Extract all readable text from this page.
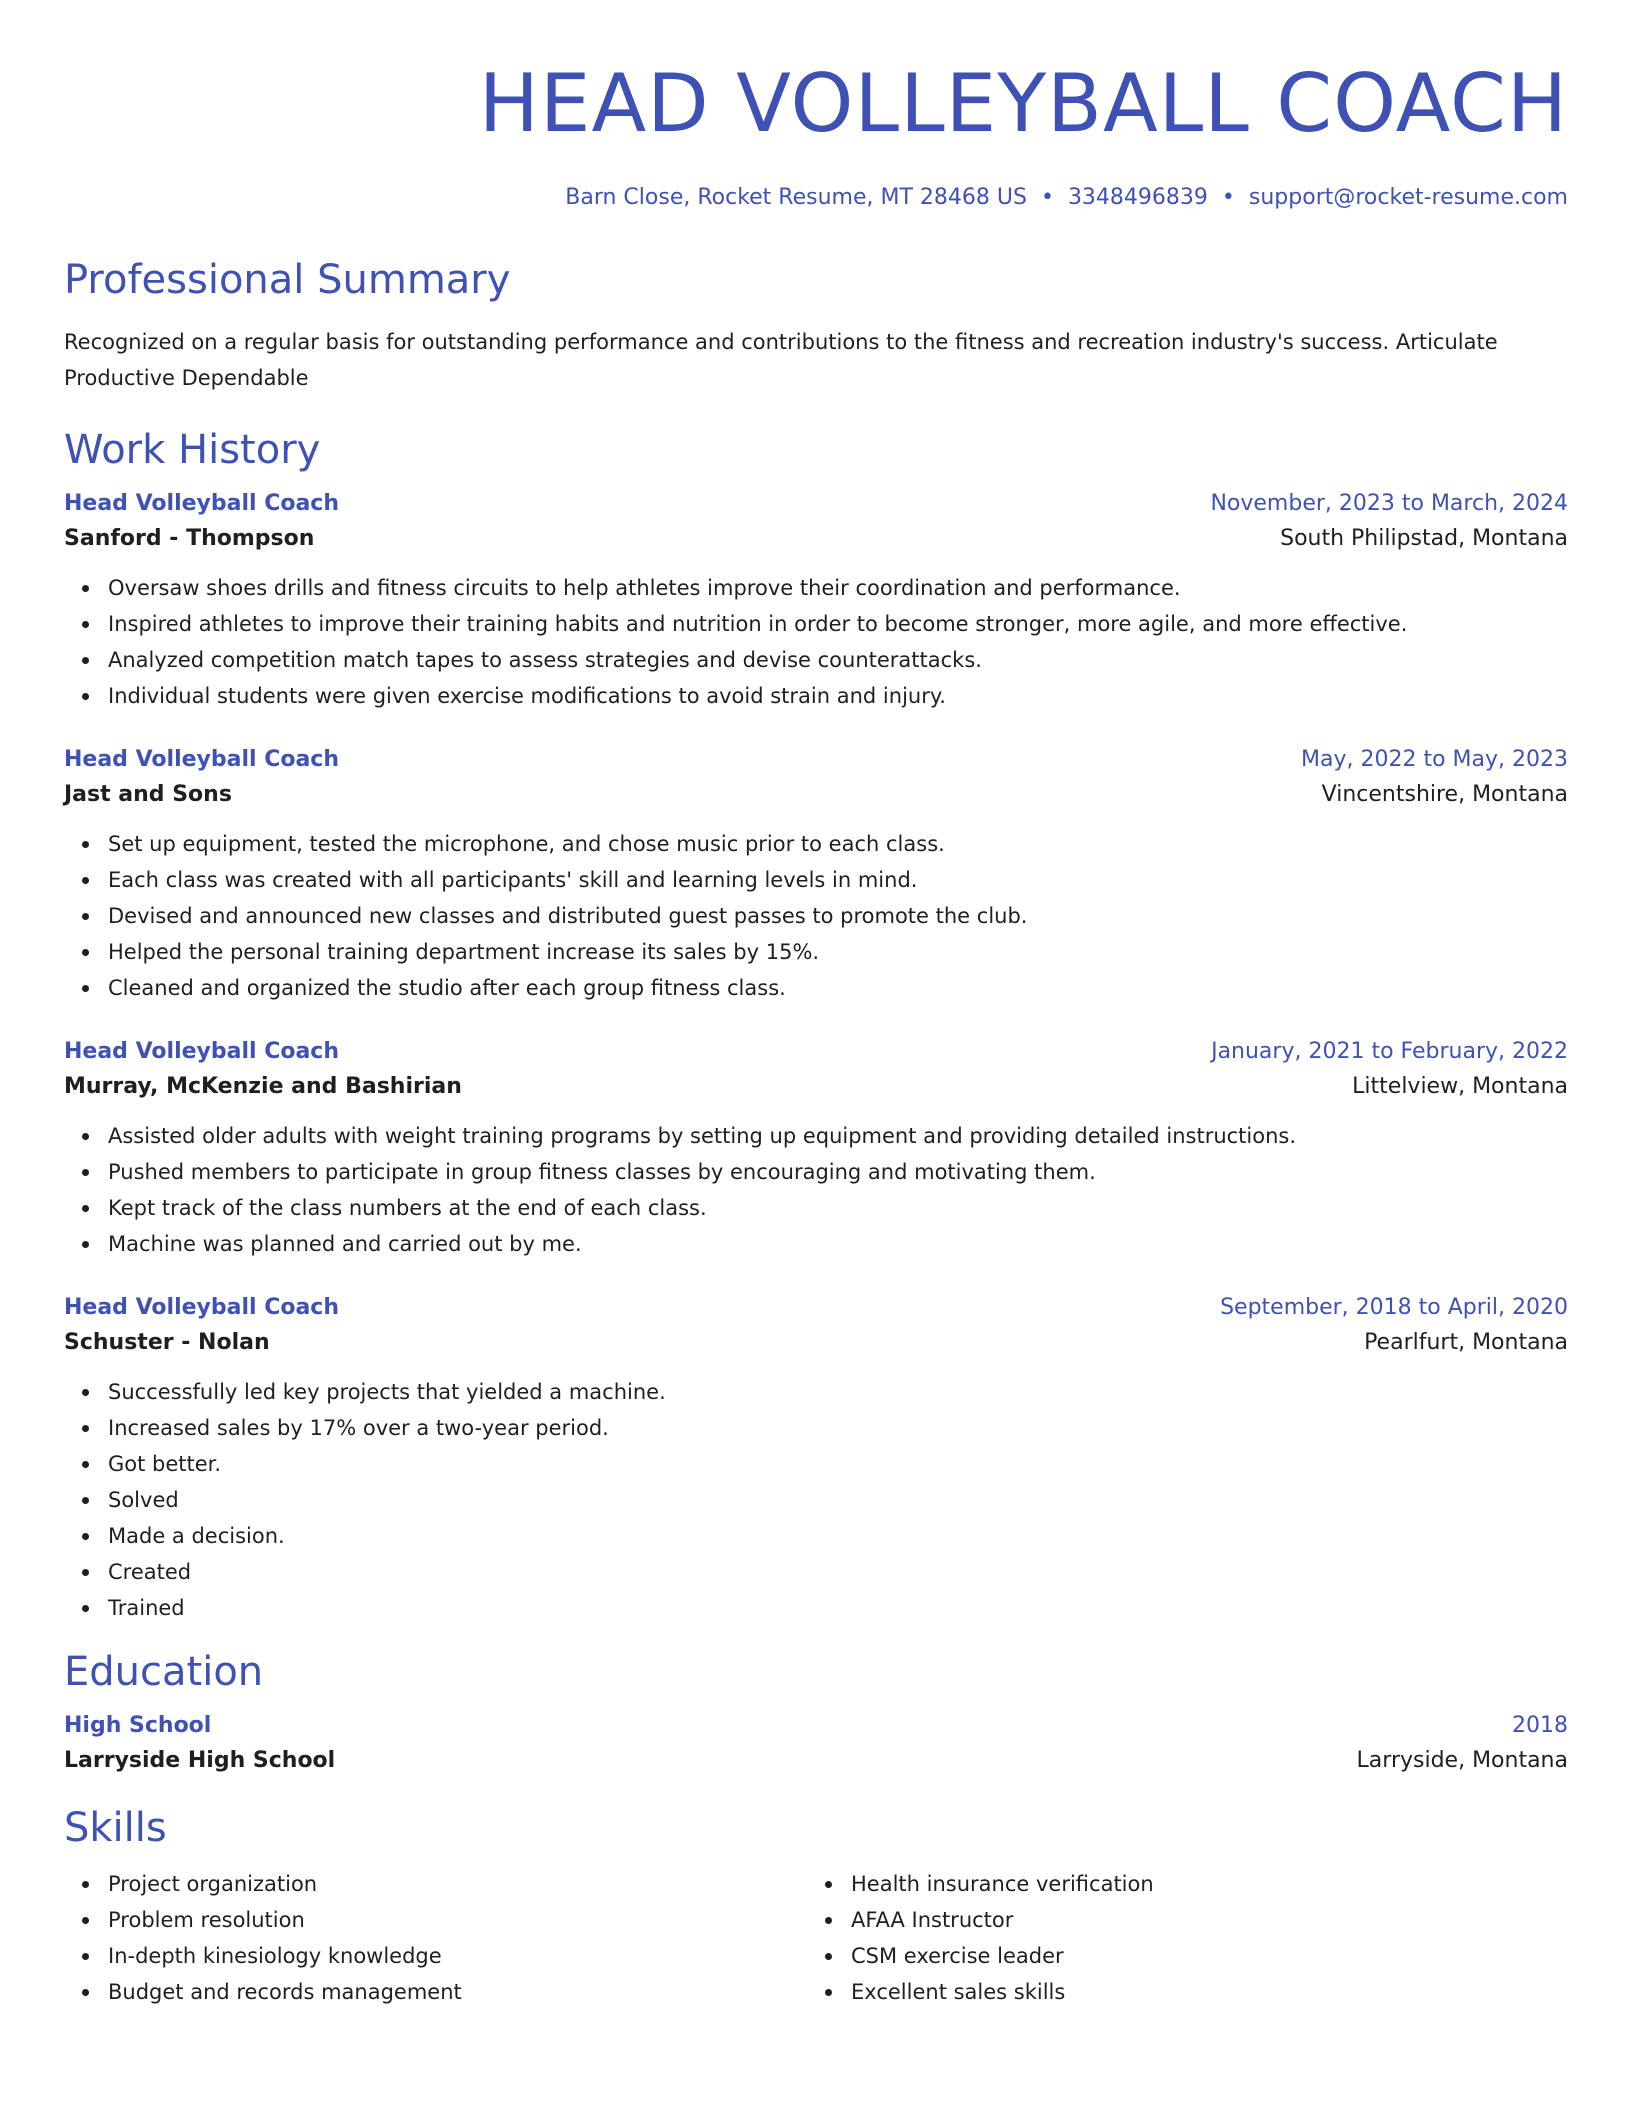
HEAD VOLLEYBALL COACH
Barn Close, Rocket Resume, MT 28468 US • 3348496839 • support@rocket-resume.com
Professional Summary
Recognized on a regular basis for outstanding performance and contributions to the fitness and recreation industry's success. Articulate Productive Dependable
Work History
Head Volleyball Coach	November, 2023 to March, 2024
Sanford - Thompson	South Philipstad, Montana
Oversaw shoes drills and fitness circuits to help athletes improve their coordination and performance.
Inspired athletes to improve their training habits and nutrition in order to become stronger, more agile, and more effective.
Analyzed competition match tapes to assess strategies and devise counterattacks.
Individual students were given exercise modifications to avoid strain and injury.
Head Volleyball Coach	May, 2022 to May, 2023
Jast and Sons	Vincentshire, Montana
Set up equipment, tested the microphone, and chose music prior to each class.
Each class was created with all participants' skill and learning levels in mind.
Devised and announced new classes and distributed guest passes to promote the club.
Helped the personal training department increase its sales by 15%.
Cleaned and organized the studio after each group fitness class.
Head Volleyball Coach	January, 2021 to February, 2022
Murray, McKenzie and Bashirian	Littelview, Montana
Assisted older adults with weight training programs by setting up equipment and providing detailed instructions.
Pushed members to participate in group fitness classes by encouraging and motivating them.
Kept track of the class numbers at the end of each class.
Machine was planned and carried out by me.
Head Volleyball Coach	September, 2018 to April, 2020
Schuster - Nolan	Pearlfurt, Montana
Successfully led key projects that yielded a machine.
Increased sales by 17% over a two-year period.
Got better.
Solved
Made a decision.
Created
Trained
Education
High School	2018
Larryside High School	Larryside, Montana
Skills
Project organization
Problem resolution
In-depth kinesiology knowledge
Budget and records management
Health insurance verification
AFAA Instructor
CSM exercise leader
Excellent sales skills
